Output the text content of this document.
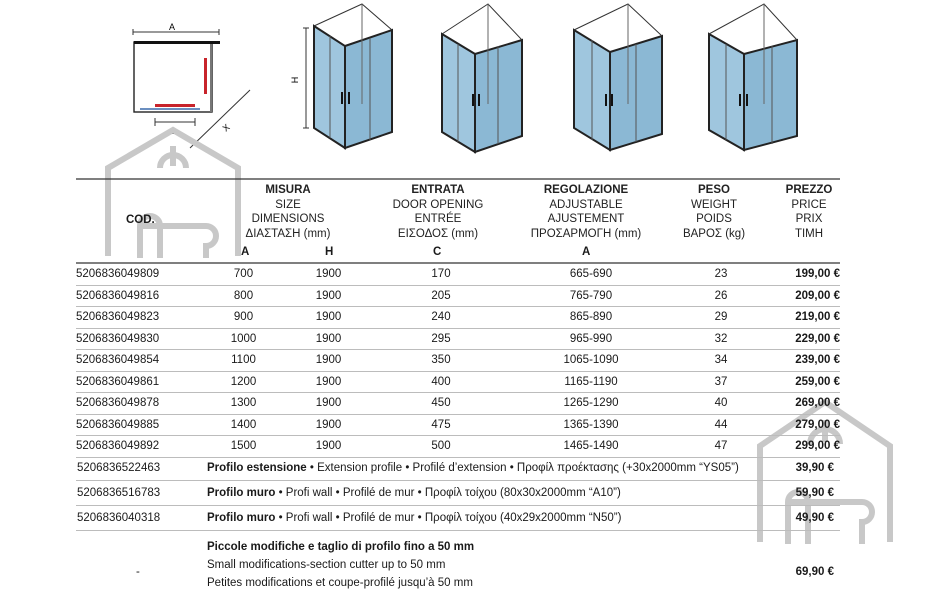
A
C	X
H
COD.
MISURA
SIZE
DIMENSIONS
ΔΙΑΣΤΑΣΗ (mm)
ENTRATA
DOOR OPENING
ENTRÉE
ΕΙΣΟΔΟΣ (mm)
REGOLAZIONE
ADJUSTABLE
AJUSTEMENT
ΠΡΟΣΑΡΜΟΓΗ (mm)
PESO
WEIGHT
POIDS
ΒΑΡΟΣ (kg)
PREZZO
PRICE
PRIX
ΤΙΜΗ
A	H	C	A
5206836049809	700	1900	170	665-690	23	199,00 €
5206836049816	800	1900	205	765-790	26	209,00 €
5206836049823	900	1900	240	865-890	29	219,00 €
5206836049830	1000	1900	295	965-990	32	229,00 €
5206836049854	1100	1900	350	1065-1090	34	239,00 €
5206836049861	1200	1900	400	1165-1190	37	259,00 €
5206836049878	1300	1900	450	1265-1290	40	269,00 €
5206836049885	1400	1900	475	1365-1390	44	279,00 €
5206836049892	1500	1900	500	1465-1490	47	299,00 €
5206836522463	Profilo estensione • Extension profile • Profilé d’extension • Προφίλ προέκτασης (+30x2000mm “YS05”)	39,90 €
5206836516783	Profilo muro • Profi wall • Profilé de mur • Προφίλ τοίχου (80x30x2000mm “A10”)	59,90 €
5206836040318	Profilo muro • Profi wall • Profilé de mur • Προφίλ τοίχου (40x29x2000mm “N50”)	49,90 €
Piccole modifiche e taglio di profilo fino a 50 mm
Small modifications-section cutter up to 50 mm
Petites modifications et coupe-profilé jusqu’à 50 mm
-	69,90 €
